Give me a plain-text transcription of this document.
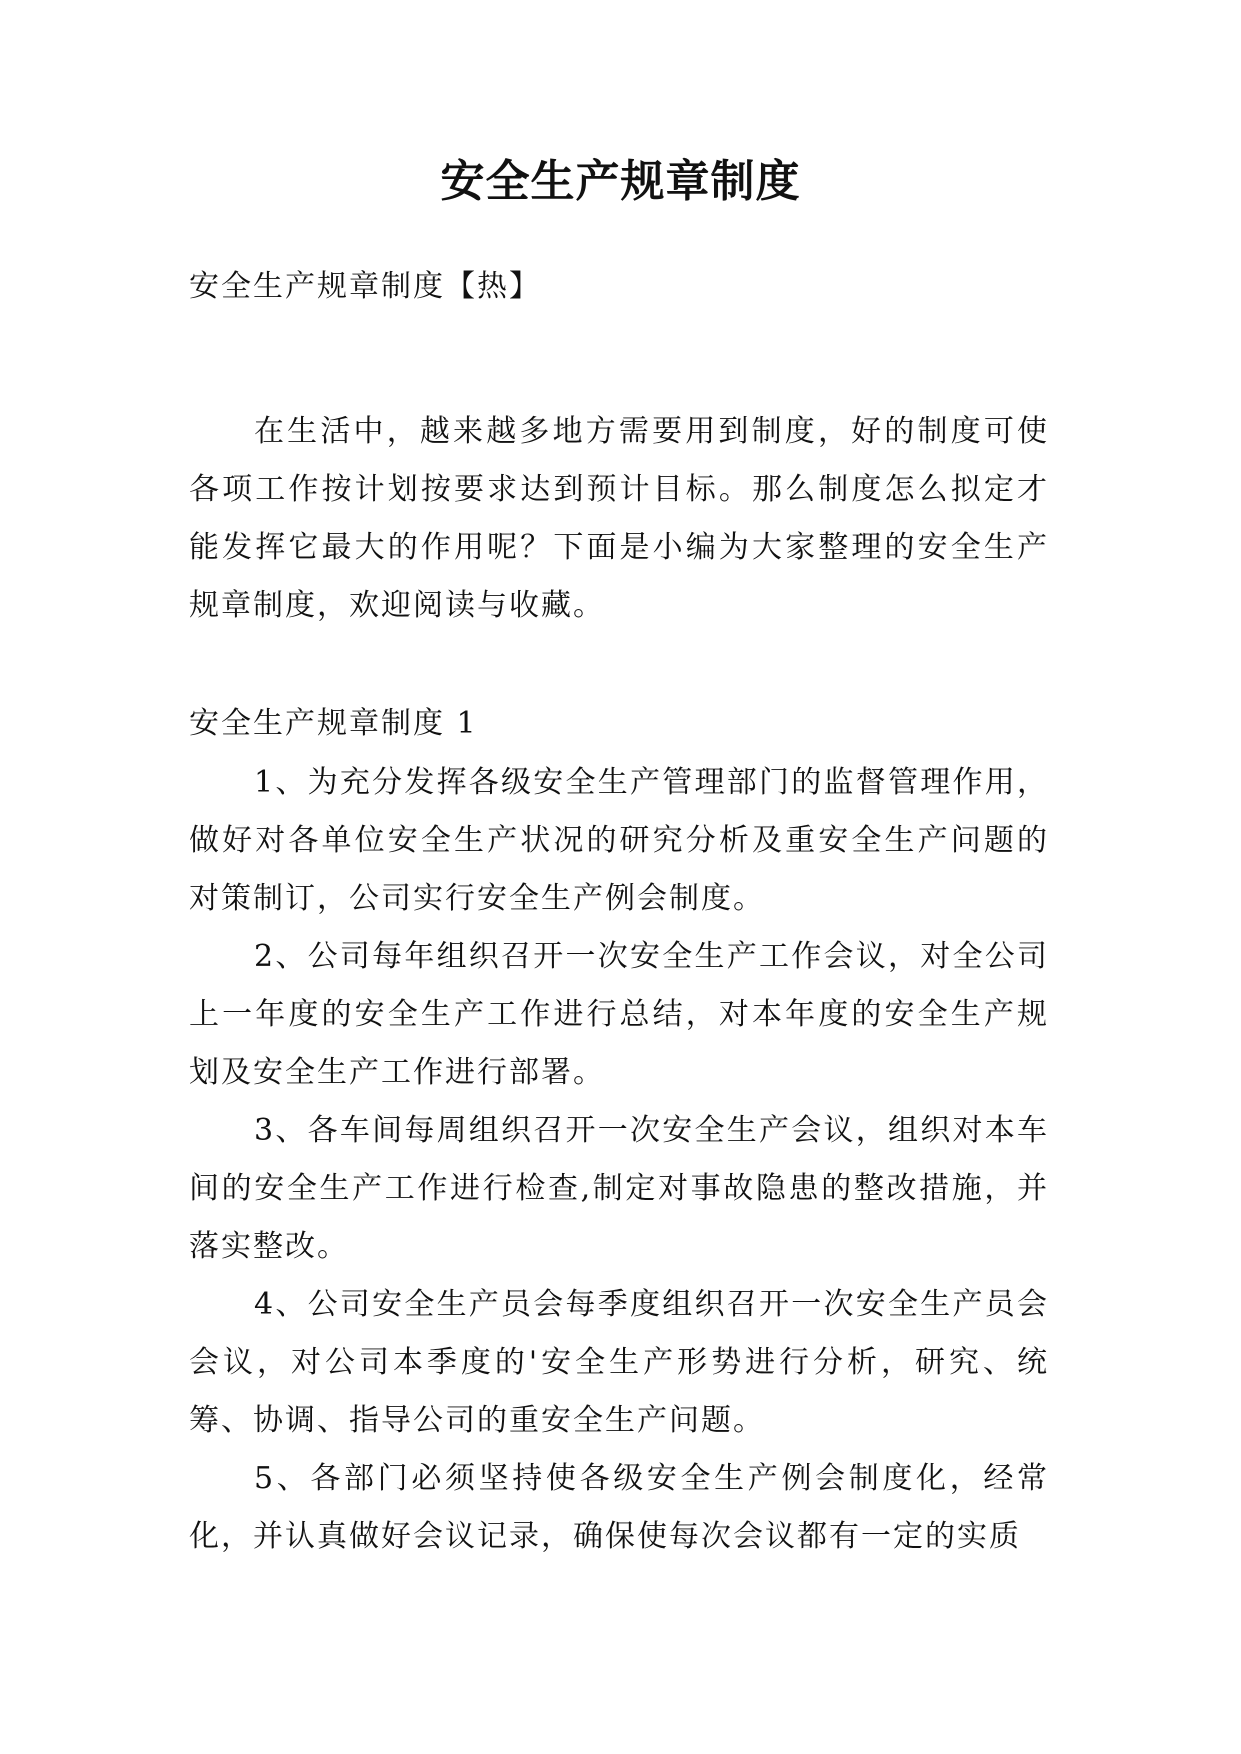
安全生产规章制度

安全生产规章制度【热】

在生活中，越来越多地方需要用到制度，好的制度可使各项工作按计划按要求达到预计目标。那么制度怎么拟定才能发挥它最大的作用呢？下面是小编为大家整理的安全生产规章制度，欢迎阅读与收藏。

安全生产规章制度 1

1、为充分发挥各级安全生产管理部门的监督管理作用，做好对各单位安全生产状况的研究分析及重安全生产问题的对策制订，公司实行安全生产例会制度。

2、公司每年组织召开一次安全生产工作会议，对全公司上一年度的安全生产工作进行总结，对本年度的安全生产规划及安全生产工作进行部署。

3、各车间每周组织召开一次安全生产会议，组织对本车间的安全生产工作进行检查,制定对事故隐患的整改措施，并落实整改。

4、公司安全生产员会每季度组织召开一次安全生产员会会议，对公司本季度的'安全生产形势进行分析，研究、统筹、协调、指导公司的重安全生产问题。

5、各部门必须坚持使各级安全生产例会制度化，经常化，并认真做好会议记录，确保使每次会议都有一定的实质
